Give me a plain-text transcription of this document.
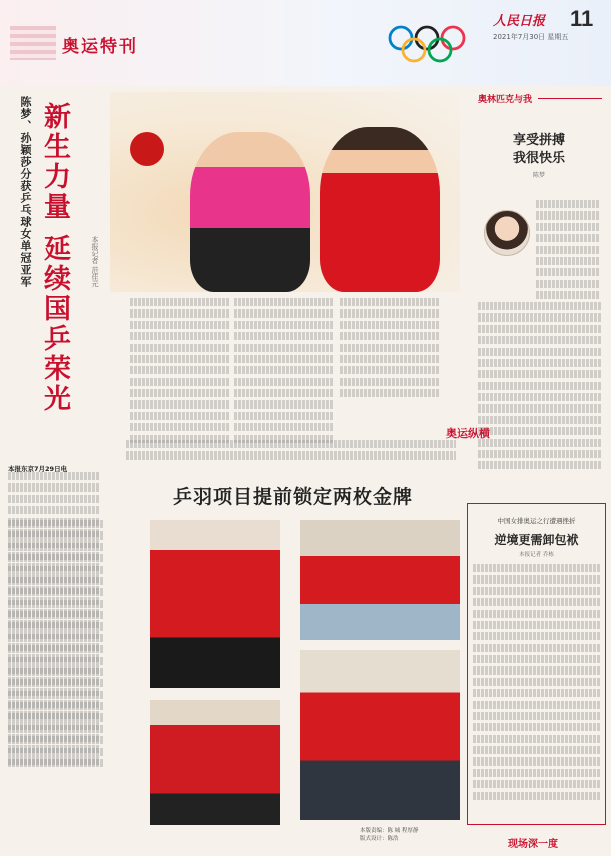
奥运特刊
人民日报 11
2021年7月30日 星期五
陈梦、孙颖莎分获乒乓球女单冠亚军 新生力量 延续国乒荣光	本报记者 范佳元
本报东京7月29日电
奥林匹克与我
享受拼搏
我很快乐
陈梦
奥运纵横
乒羽项目提前锁定两枚金牌
中国女排奥运之行遭遇挫折
逆境更需卸包袱
本报记者 乔栋
本版责编：陈 城 程厚静
版式设计：陈浩	现场深一度
